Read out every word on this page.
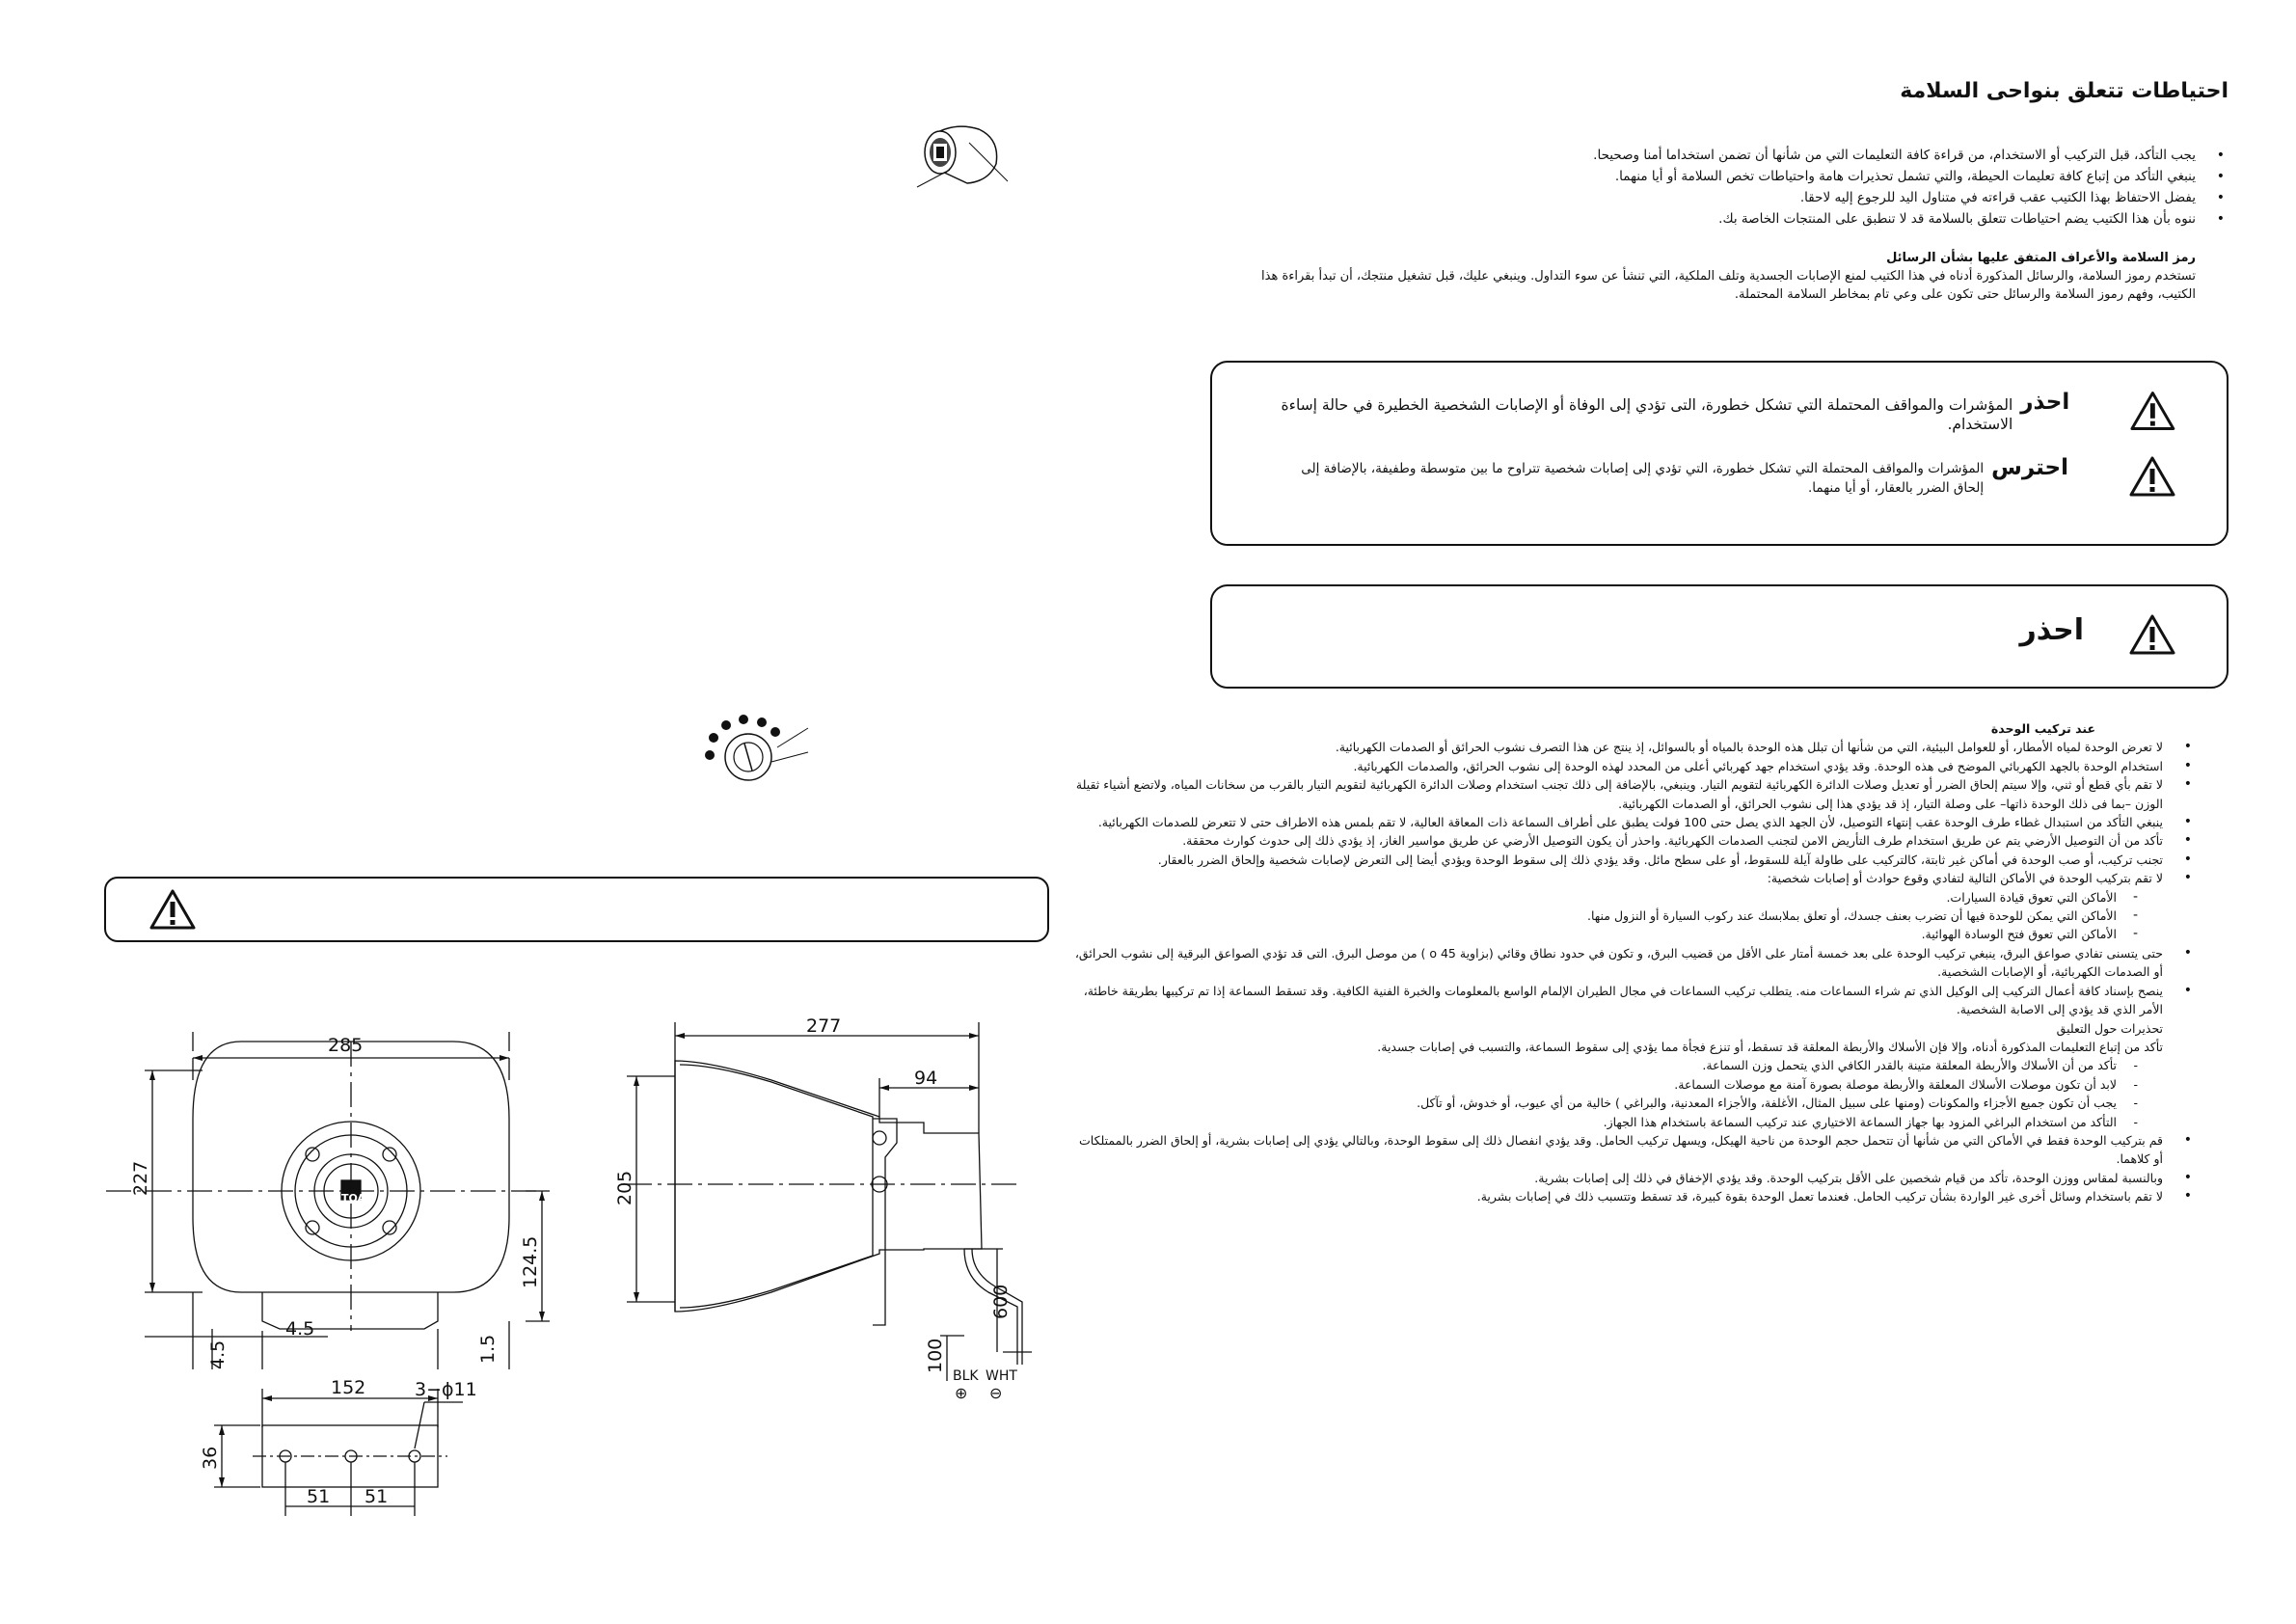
احتياطات تتعلق بنواحى السلامة
• يجب التأكد، قبل التركيب أو الاستخدام، من قراءة كافة التعليمات التي من شأنها أن تضمن استخداما أمنا وصحيحا.
• ينبغي التأكد من إتباع كافة تعليمات الحيطة، والتي تشمل تحذيرات هامة واحتياطات تخص السلامة أو أيا منهما.
• يفضل الاحتفاظ بهذا الكتيب عقب قراءته في متناول اليد للرجوع إليه لاحقا.
• ننوه بأن هذا الكتيب يضم احتياطات تتعلق بالسلامة قد لا تنطبق على المنتجات الخاصة بك.
رمز السلامة والأعراف المتفق عليها بشأن الرسائل
تستخدم رموز السلامة، والرسائل المذكورة أدناه في هذا الكتيب لمنع الإصابات الجسدية وتلف الملكية، التي تنشأ عن سوء التداول. وينبغي عليك، قبل تشغيل منتجك، أن تبدأ بقراءة هذا الكتيب، وفهم رموز السلامة والرسائل حتى تكون على وعي تام بمخاطر السلامة المحتملة.
احذر
المؤشرات والمواقف المحتملة التي تشكل خطورة، التى تؤدي إلى الوفاة أو الإصابات الشخصية الخطيرة في حالة إساءة الاستخدام.
احترس
المؤشرات والمواقف المحتملة التي تشكل خطورة، التي تؤدي إلى إصابات شخصية تتراوح ما بين متوسطة وطفيفة، بالإضافة إلى إلحاق الضرر بالعقار، أو أيا منهما.
احذر
عند تركيب الوحدة
• لا تعرض الوحدة لمياه الأمطار، أو للعوامل البيئية، التي من شأنها أن تبلل هذه الوحدة بالمياه أو بالسوائل، إذ ينتج عن هذا التصرف نشوب الحرائق أو الصدمات الكهربائية.
• استخدام الوحدة بالجهد الكهربائي الموضح فى هذه الوحدة. وقد يؤدي استخدام جهد كهربائي أعلى من المحدد لهذه الوحدة إلى نشوب الحرائق، والصدمات الكهربائية.
• لا تقم بأي قطع أو ثني، وإلا سيتم إلحاق الضرر أو تعديل وصلات الدائرة الكهربائية لتقويم التيار. وينبغي، بالإضافة إلى ذلك تجنب استخدام وصلات الدائرة الكهربائية لتقويم التيار بالقرب من سخانات المياه، ولاتضع أشياء ثقيلة الوزن –بما فى ذلك الوحدة ذاتها– على وصلة التيار، إذ قد يؤدي هذا إلى نشوب الحرائق، أو الصدمات الكهربائية.
• ينبغي التأكد من استبدال غطاء طرف الوحدة عقب إنتهاء التوصيل، لأن الجهد الذي يصل حتى 100 فولت يطبق على أطراف السماعة ذات المعاقة العالية، لا تقم بلمس هذه الاطراف حتى لا تتعرض للصدمات الكهربائية.
• تأكد من أن التوصيل الأرضي يتم عن طريق استخدام طرف التأريض الامن لتجنب الصدمات الكهربائية. واحذر أن يكون التوصيل الأرضي عن طريق مواسير الغاز، إذ يؤدي ذلك إلى حدوث كوارث محققة.
• تجنب تركيب، أو صب الوحدة في أماكن غير ثابتة، كالتركيب على طاولة آيلة للسقوط، أو على سطح مائل. وقد يؤدي ذلك إلى سقوط الوحدة ويؤدي أيضا إلى التعرض لإصابات شخصية وإلحاق الضرر بالعقار.
• لا تقم بتركيب الوحدة في الأماكن التالية لتفادي وقوع حوادث أو إصابات شخصية:
- الأماكن التي تعوق قيادة السيارات.
- الأماكن التي يمكن للوحدة فيها أن تضرب بعنف جسدك، أو تعلق بملابسك عند ركوب السيارة أو النزول منها.
- الأماكن التي تعوق فتح الوسادة الهوائية.
• حتى يتسنى تفادي صواعق البرق، ينبغي تركيب الوحدة على بعد خمسة أمتار على الأقل من قضيب البرق، و تكون في حدود نطاق وقائي (بزاوية 45 ο ) من موصل البرق. التى قد تؤدي الصواعق البرقية إلى نشوب الحرائق، أو الصدمات الكهربائية، أو الإصابات الشخصية.
• ينصح بإسناد كافة أعمال التركيب إلى الوكيل الذي تم شراء السماعات منه. يتطلب تركيب السماعات في مجال الطيران الإلمام الواسع بالمعلومات والخبرة الفنية الكافية. وقد تسقط السماعة إذا تم تركيبها بطريقة خاطئة، الأمر الذي قد يؤدي إلى الاصابة الشخصية.
تحذيرات حول التعليق
تأكد من إتباع التعليمات المذكورة أدناه، وإلا فإن الأسلاك والأربطة المعلقة قد تسقط، أو تنزع فجأة مما يؤدي إلى سقوط السماعة، والتسبب في إصابات جسدية.
- تأكد من أن الأسلاك والأربطة المعلقة متينة بالقدر الكافي الذي يتحمل وزن السماعة.
- لابد أن تكون موصلات الأسلاك المعلقة والأربطة موصلة بصورة آمنة مع موصلات السماعة.
- يجب أن تكون جميع الأجزاء والمكونات (ومنها على سبيل المثال، الأغلفة، والأجزاء المعدنية، والبراغي ) خالية من أي عيوب، أو خدوش، أو تآكل.
- التأكد من استخدام البراغي المزود بها جهاز السماعة الاختياري عند تركيب السماعة باستخدام هذا الجهاز.
• قم بتركيب الوحدة فقط في الأماكن التي من شأنها أن تتحمل حجم الوحدة من ناحية الهيكل، ويسهل تركيب الحامل. وقد يؤدي انفصال ذلك إلى سقوط الوحدة، وبالتالي يؤدي إلى إصابات بشرية، أو إلحاق الضرر بالممتلكات أو كلاهما.
• وبالنسبة لمقاس ووزن الوحدة، تأكد من قيام شخصين على الأقل بتركيب الوحدة. وقد يؤدي الإخفاق في ذلك إلى إصابات بشرية.
• لا تقم باستخدام وسائل أخرى غير الواردة بشأن تركيب الحامل. فعندما تعمل الوحدة بقوة كبيرة، قد تسقط وتتسبب ذلك في إصابات بشرية.
285
227
124.5
4.5
4.5
1.5
152	3−ϕ11
36
51 51
277
94
205
600
100
TOA
BLK WHT
⊕ ⊖
